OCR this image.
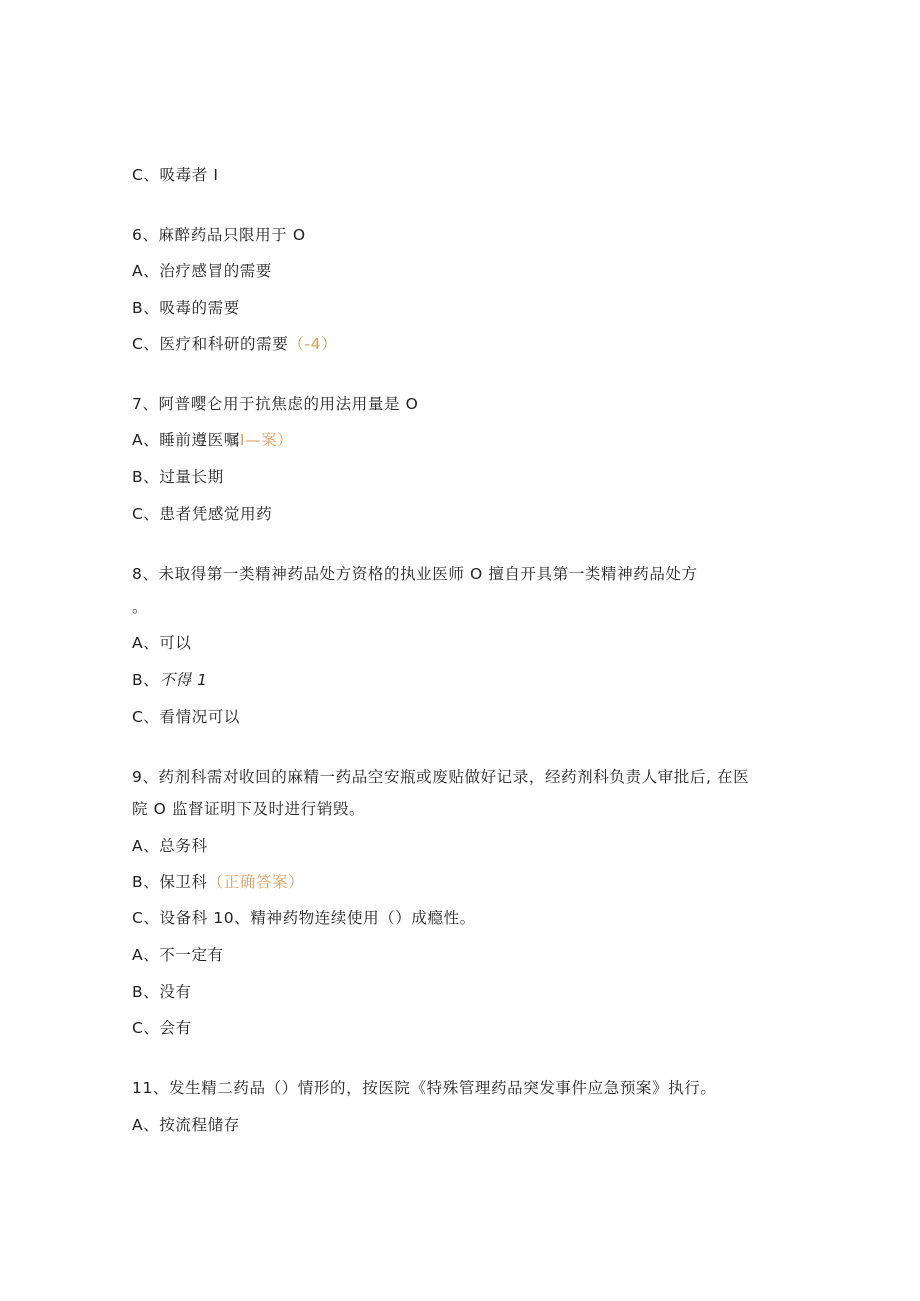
C、吸毒者 I
6、麻醉药品只限用于 O
A、治疗感冒的需要
B、吸毒的需要
C、医疗和科研的需要（-4）
7、阿普嘤仑用于抗焦虑的用法用量是 O
A、睡前遵医嘱I—案）
B、过量长期
C、患者凭感觉用药
8、未取得第一类精神药品处方资格的执业医师 O 擅自开具第一类精神药品处方
。
A、可以
B、不得 1
C、看情况可以
9、药剂科需对收回的麻精一药品空安瓶或废贴做好记录，经药剂科负责人审批后, 在医
院 O 监督证明下及时进行销毁。
A、总务科
B、保卫科（正确答案）
C、设备科 10、精神药物连续使用（）成瘾性。
A、不一定有
B、没有
C、会有
11、发生精二药品（）情形的，按医院《特殊管理药品突发事件应急预案》执行。
A、按流程储存
